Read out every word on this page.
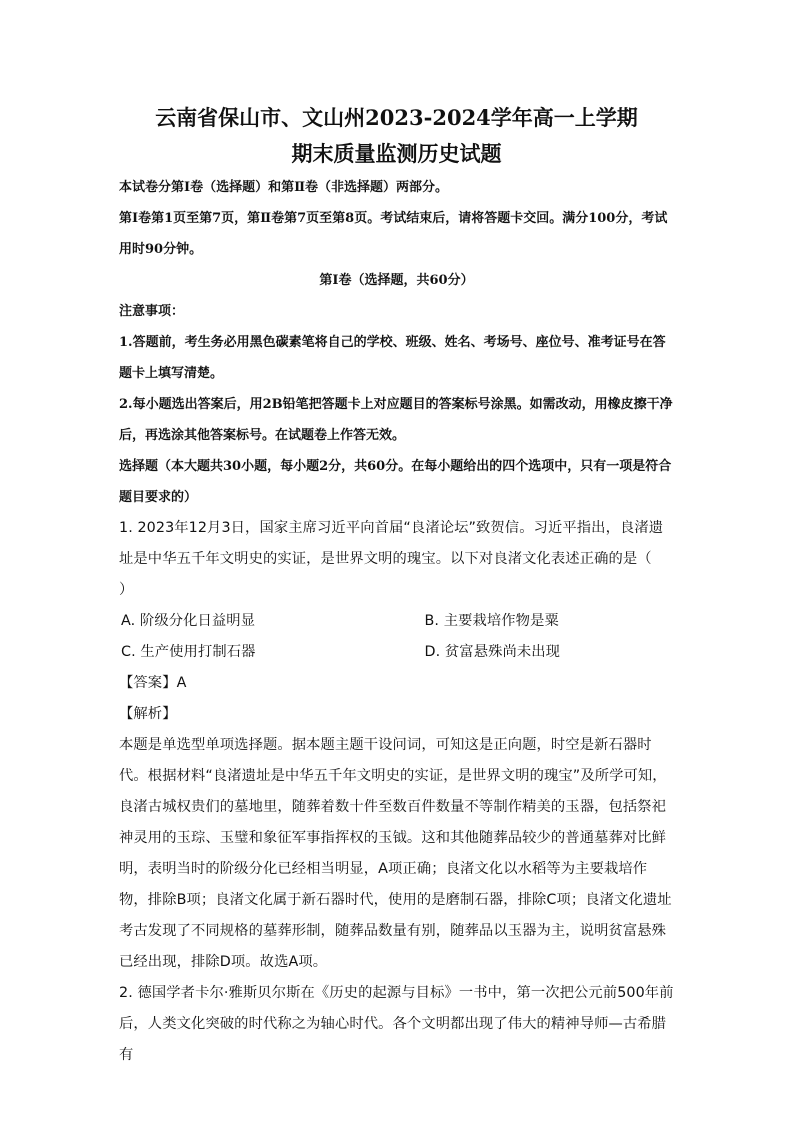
云南省保山市、文山州2023-2024学年高一上学期
期末质量监测历史试题

本试卷分第Ⅰ卷（选择题）和第Ⅱ卷（非选择题）两部分。

第Ⅰ卷第1页至第7页，第Ⅱ卷第7页至第8页。考试结束后，请将答题卡交回。满分100分，考试用时90分钟。

第Ⅰ卷（选择题，共60分）

注意事项：

1.答题前，考生务必用黑色碳素笔将自己的学校、班级、姓名、考场号、座位号、准考证号在答题卡上填写清楚。

2.每小题选出答案后，用2B铅笔把答题卡上对应题目的答案标号涂黑。如需改动，用橡皮擦干净后，再选涂其他答案标号。在试题卷上作答无效。

选择题（本大题共30小题，每小题2分，共60分。在每小题给出的四个选项中，只有一项是符合题目要求的）

1. 2023年12月3日，国家主席习近平向首届“良渚论坛”致贺信。习近平指出，良渚遗址是中华五千年文明史的实证，是世界文明的瑰宝。以下对良渚文化表述正确的是（　　）

A. 阶级分化日益明显	B. 主要栽培作物是粟
C. 生产使用打制石器	D. 贫富悬殊尚未出现

【答案】A

【解析】

本题是单选型单项选择题。据本题主题干设问词，可知这是正向题，时空是新石器时代。根据材料“良渚遗址是中华五千年文明史的实证，是世界文明的瑰宝”及所学可知，良渚古城权贵们的墓地里，随葬着数十件至数百件数量不等制作精美的玉器，包括祭祀神灵用的玉琮、玉璧和象征军事指挥权的玉钺。这和其他随葬品较少的普通墓葬对比鲜明，表明当时的阶级分化已经相当明显，A项正确；良渚文化以水稻等为主要栽培作物，排除B项；良渚文化属于新石器时代，使用的是磨制石器，排除C项；良渚文化遗址考古发现了不同规格的墓葬形制，随葬品数量有别，随葬品以玉器为主，说明贫富悬殊已经出现，排除D项。故选A项。

2. 德国学者卡尔·雅斯贝尔斯在《历史的起源与目标》一书中，第一次把公元前500年前后，人类文化突破的时代称之为轴心时代。各个文明都出现了伟大的精神导师—古希腊有
